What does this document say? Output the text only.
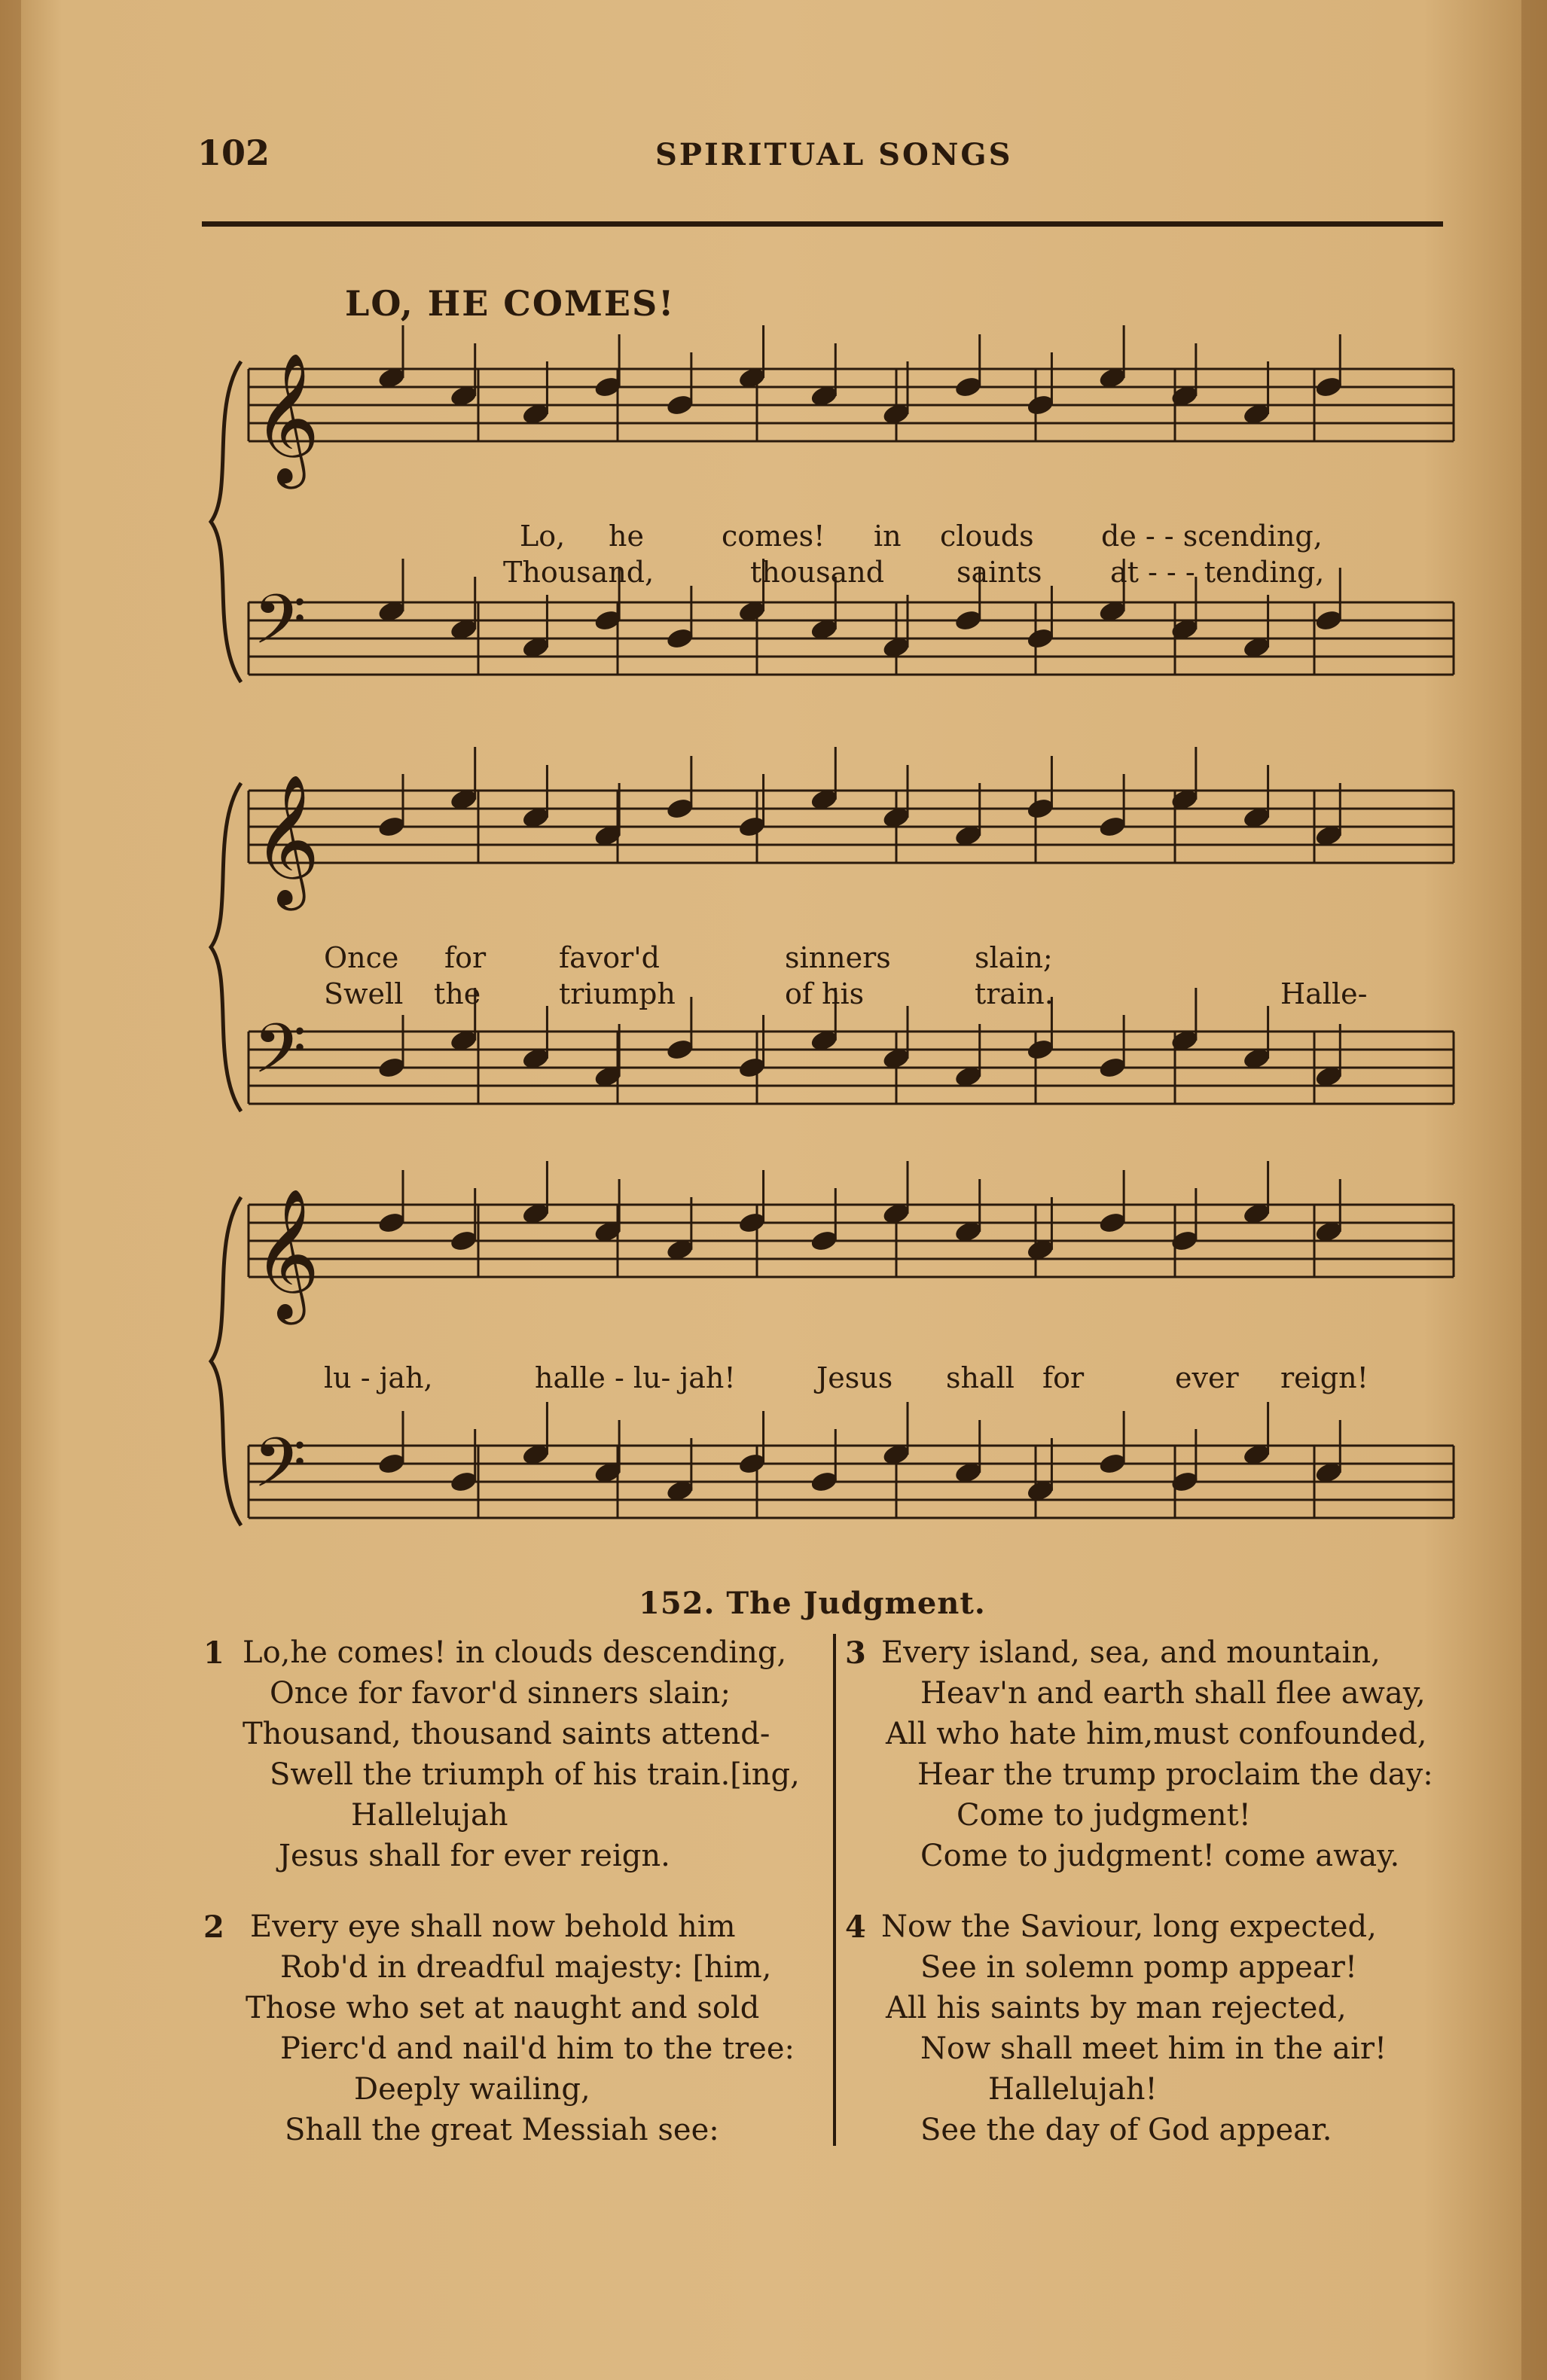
102	SPIRITUAL SONGS
LO, HE COMES!
𝄞
𝄢
𝄞
𝄢
𝄞
𝄢
Lo, he	comes! in clouds de - - scending,
Thousand,	thousand	saints at - - - tending,
Once for	favor'd	sinners	slain;
Swell the	triumph	of his	train.	Halle-
lu - jah,	halle - lu- jah!	Jesus shall for	ever reign!
152. The Judgment.
1 Lo,he comes! in clouds descending,
Once for favor'd sinners slain;
Thousand, thousand saints attend-
Swell the triumph of his train.[ing,
Hallelujah
Jesus shall for ever reign.
2 Every eye shall now behold him
Rob'd in dreadful majesty: [him,
Those who set at naught and sold
Pierc'd and nail'd him to the tree:
Deeply wailing,
Shall the great Messiah see:
3 Every island, sea, and mountain,
Heav'n and earth shall flee away,
All who hate him,must confounded,
Hear the trump proclaim the day:
Come to judgment!
Come to judgment! come away.
4 Now the Saviour, long expected,
See in solemn pomp appear!
All his saints by man rejected,
Now shall meet him in the air!
Hallelujah!
See the day of God appear.
